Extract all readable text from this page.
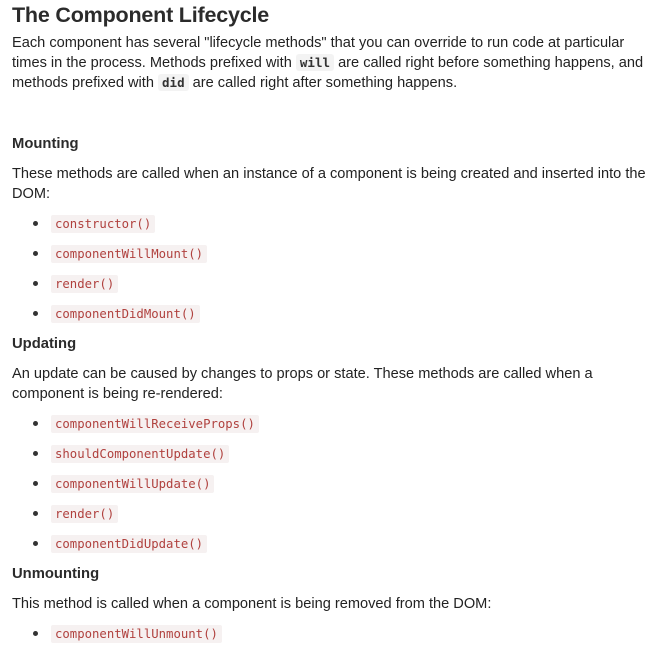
The Component Lifecycle

Each component has several "lifecycle methods" that you can override to run code at particular times in the process. Methods prefixed with will are called right before something happens, and methods prefixed with did are called right after something happens.

Mounting

These methods are called when an instance of a component is being created and inserted into the DOM:

constructor()
componentWillMount()
render()
componentDidMount()
Updating

An update can be caused by changes to props or state. These methods are called when a component is being re-rendered:

componentWillReceiveProps()
shouldComponentUpdate()
componentWillUpdate()
render()
componentDidUpdate()
Unmounting

This method is called when a component is being removed from the DOM:

componentWillUnmount()
